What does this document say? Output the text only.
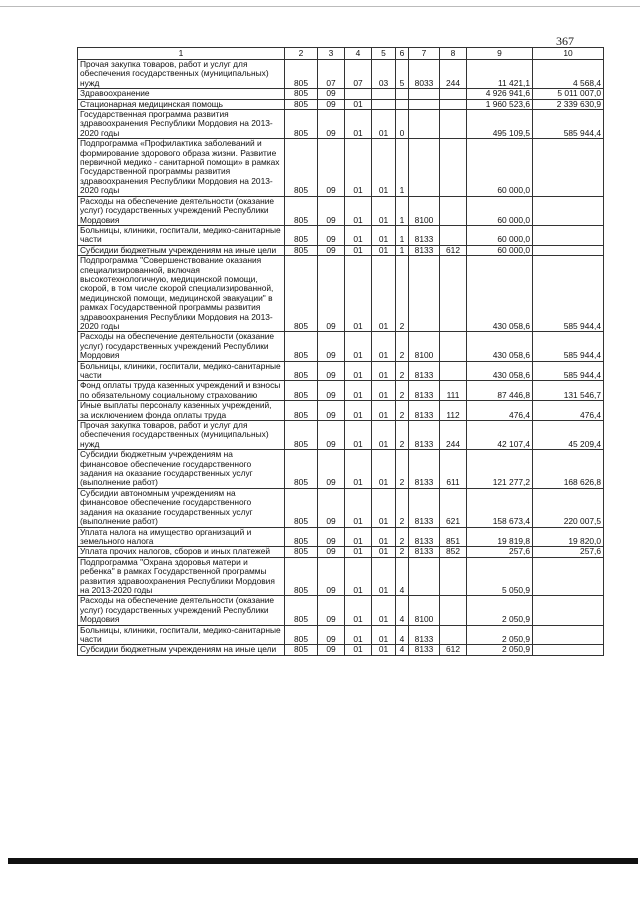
367
1	2	3	4	5	6	7	8	9	10
Прочая закупка товаров, работ и услуг для обеспечения государственных (муниципальных) нужд	805	07	07	03	5	8033	244	11 421,1	4 568,4
Здравоохранение	805	09						4 926 941,6	5 011 007,0
Стационарная медицинская помощь	805	09	01					1 960 523,6	2 339 630,9
Государственная программа развития здравоохранения Республики Мордовия на 2013-2020 годы	805	09	01	01	0			495 109,5	585 944,4
Подпрограмма «Профилактика заболеваний и формирование здорового образа жизни. Развитие первичной медико - санитарной помощи» в рамках Государственной программы развития здравоохранения Республики Мордовия на 2013-2020 годы	805	09	01	01	1			60 000,0	
Расходы на обеспечение деятельности (оказание услуг) государственных учреждений Республики Мордовия	805	09	01	01	1	8100		60 000,0	
Больницы, клиники, госпитали, медико-санитарные части	805	09	01	01	1	8133		60 000,0	
Субсидии бюджетным учреждениям на иные цели	805	09	01	01	1	8133	612	60 000,0	
Подпрограмма "Совершенствование оказания специализированной, включая высокотехнологичную, медицинской помощи, скорой, в том числе скорой специализированной, медицинской помощи, медицинской эвакуации" в рамках Государственной программы развития здравоохранения Республики Мордовия на 2013-2020 годы	805	09	01	01	2			430 058,6	585 944,4
Расходы на обеспечение деятельности (оказание услуг) государственных учреждений Республики Мордовия	805	09	01	01	2	8100		430 058,6	585 944,4
Больницы, клиники, госпитали, медико-санитарные части	805	09	01	01	2	8133		430 058,6	585 944,4
Фонд оплаты труда казенных учреждений и взносы по обязательному социальному страхованию	805	09	01	01	2	8133	111	87 446,8	131 546,7
Иные выплаты персоналу казенных учреждений, за исключением фонда оплаты труда	805	09	01	01	2	8133	112	476,4	476,4
Прочая закупка товаров, работ и услуг для обеспечения государственных (муниципальных) нужд	805	09	01	01	2	8133	244	42 107,4	45 209,4
Субсидии бюджетным учреждениям на финансовое обеспечение государственного задания на оказание государственных услуг (выполнение работ)	805	09	01	01	2	8133	611	121 277,2	168 626,8
Субсидии автономным учреждениям на финансовое обеспечение государственного задания на оказание государственных услуг (выполнение работ)	805	09	01	01	2	8133	621	158 673,4	220 007,5
Уплата налога на имущество организаций и земельного налога	805	09	01	01	2	8133	851	19 819,8	19 820,0
Уплата прочих налогов, сборов и иных платежей	805	09	01	01	2	8133	852	257,6	257,6
Подпрограмма "Охрана здоровья матери и ребенка" в рамках Государственной программы развития здравоохранения Республики Мордовия на 2013-2020 годы	805	09	01	01	4			5 050,9	
Расходы на обеспечение деятельности (оказание услуг) государственных учреждений Республики Мордовия	805	09	01	01	4	8100		2 050,9	
Больницы, клиники, госпитали, медико-санитарные части	805	09	01	01	4	8133		2 050,9	
Субсидии бюджетным учреждениям на иные цели	805	09	01	01	4	8133	612	2 050,9	
